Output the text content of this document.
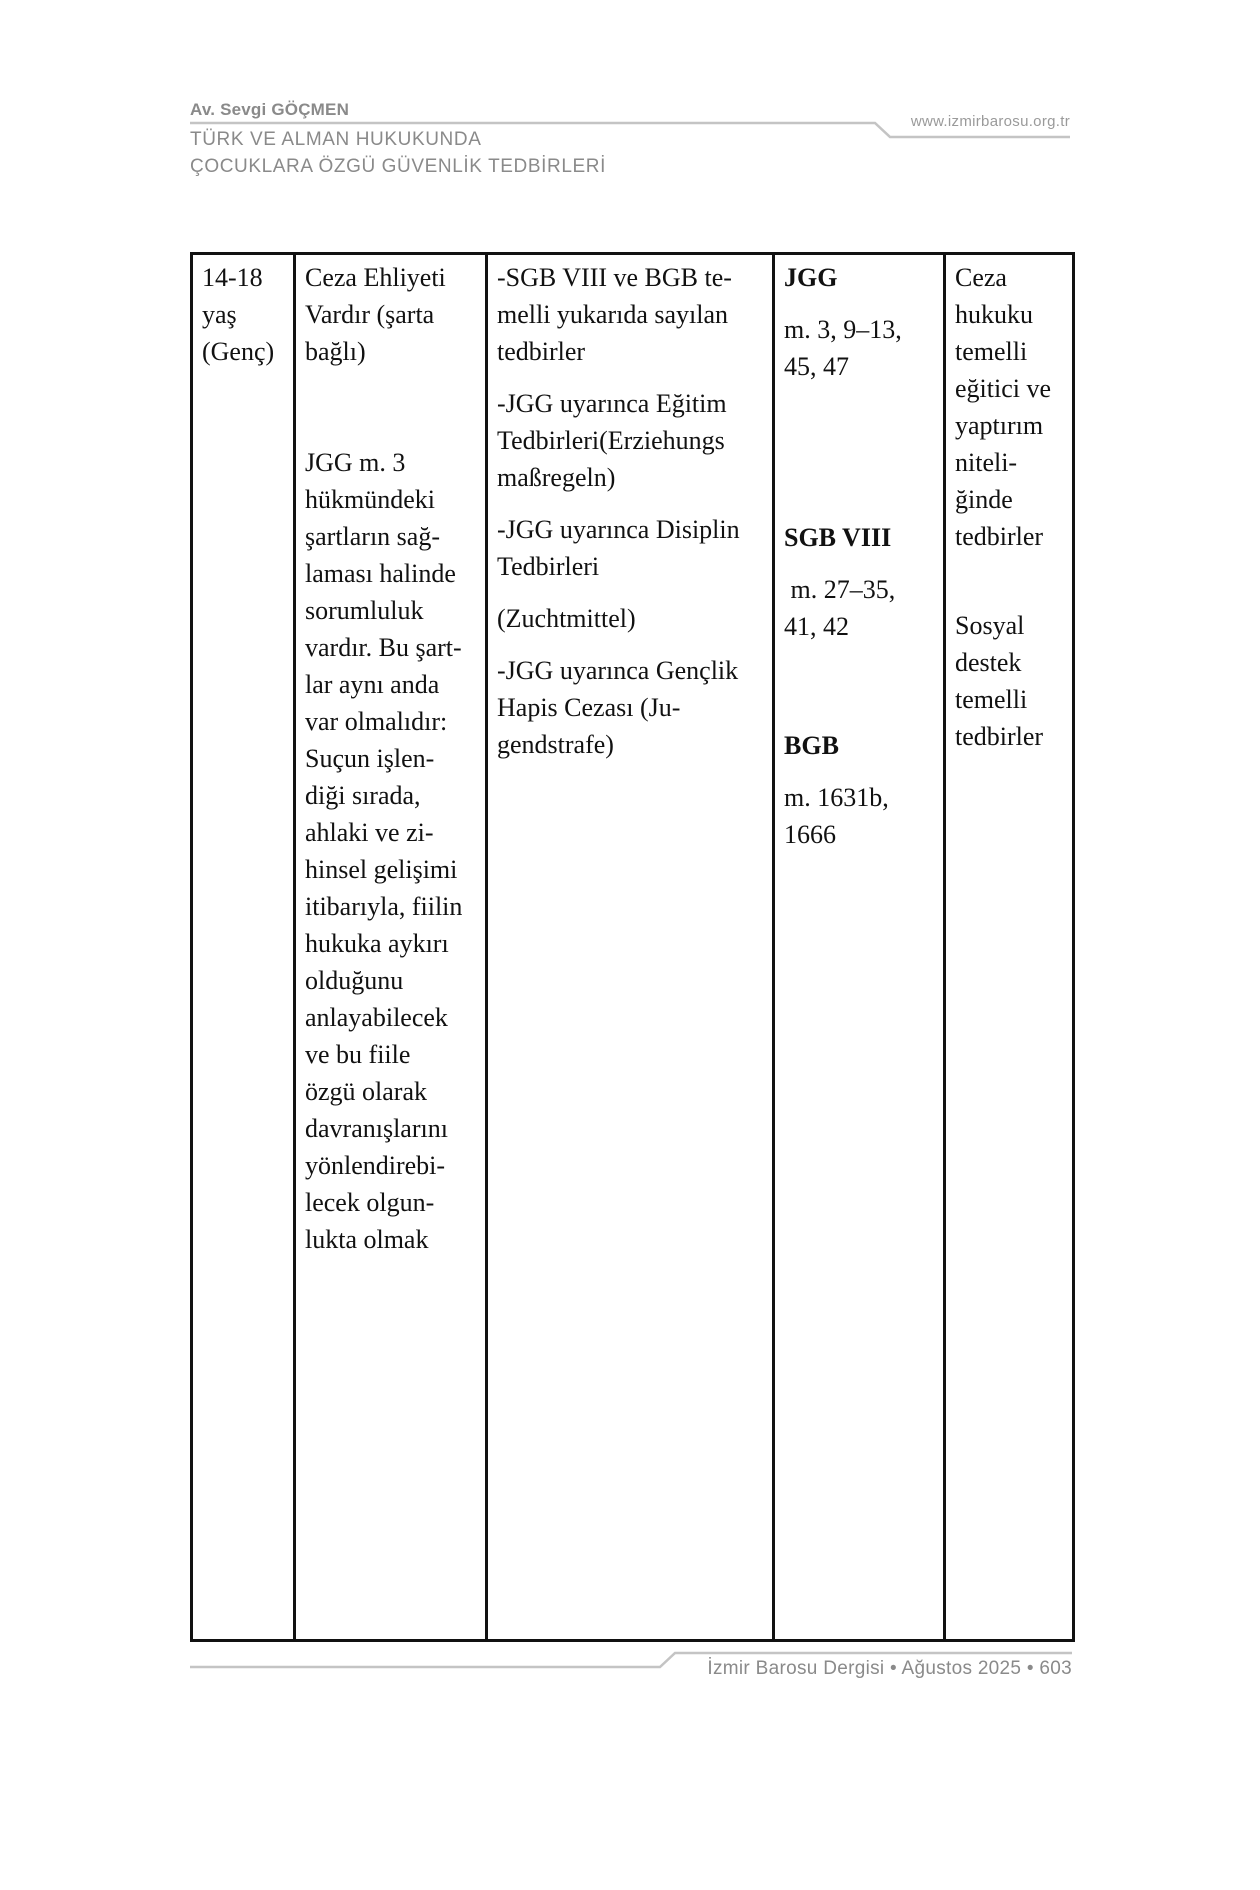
Av. Sevgi GÖÇMEN
TÜRK VE ALMAN HUKUKUNDA
ÇOCUKLARA ÖZGÜ GÜVENLİK TEDBİRLERİ
www.izmirbarosu.org.tr
14-18
yaş
(Genç)

Ceza Ehliyeti
Vardır (şarta
bağlı)
JGG m. 3
hükmündeki
şartların sağ-
laması halinde
sorumluluk
vardır. Bu şart-
lar aynı anda
var olmalıdır:
Suçun işlen-
diği sırada,
ahlaki ve zi-
hinsel gelişimi
itibarıyla, fiilin
hukuka aykırı
olduğunu
anlayabilecek
ve bu fiile
özgü olarak
davranışlarını
yönlendirebi-
lecek olgun-
lukta olmak

-SGB VIII ve BGB te-
melli yukarıda sayılan
tedbirler
-JGG uyarınca Eğitim
Tedbirleri(Erziehungs
maßregeln)
-JGG uyarınca Disiplin
Tedbirleri
(Zuchtmittel)
-JGG uyarınca Gençlik
Hapis Cezası (Ju-
gendstrafe)

JGG
m. 3, 9–13,
45, 47
SGB VIII
m. 27–35,
41, 42
BGB
m. 1631b,
1666

Ceza
hukuku
temelli
eğitici ve
yaptırım
niteli-
ğinde
tedbirler
Sosyal
destek
temelli
tedbirler
İzmir Barosu Dergisi • Ağustos 2025 • 603
